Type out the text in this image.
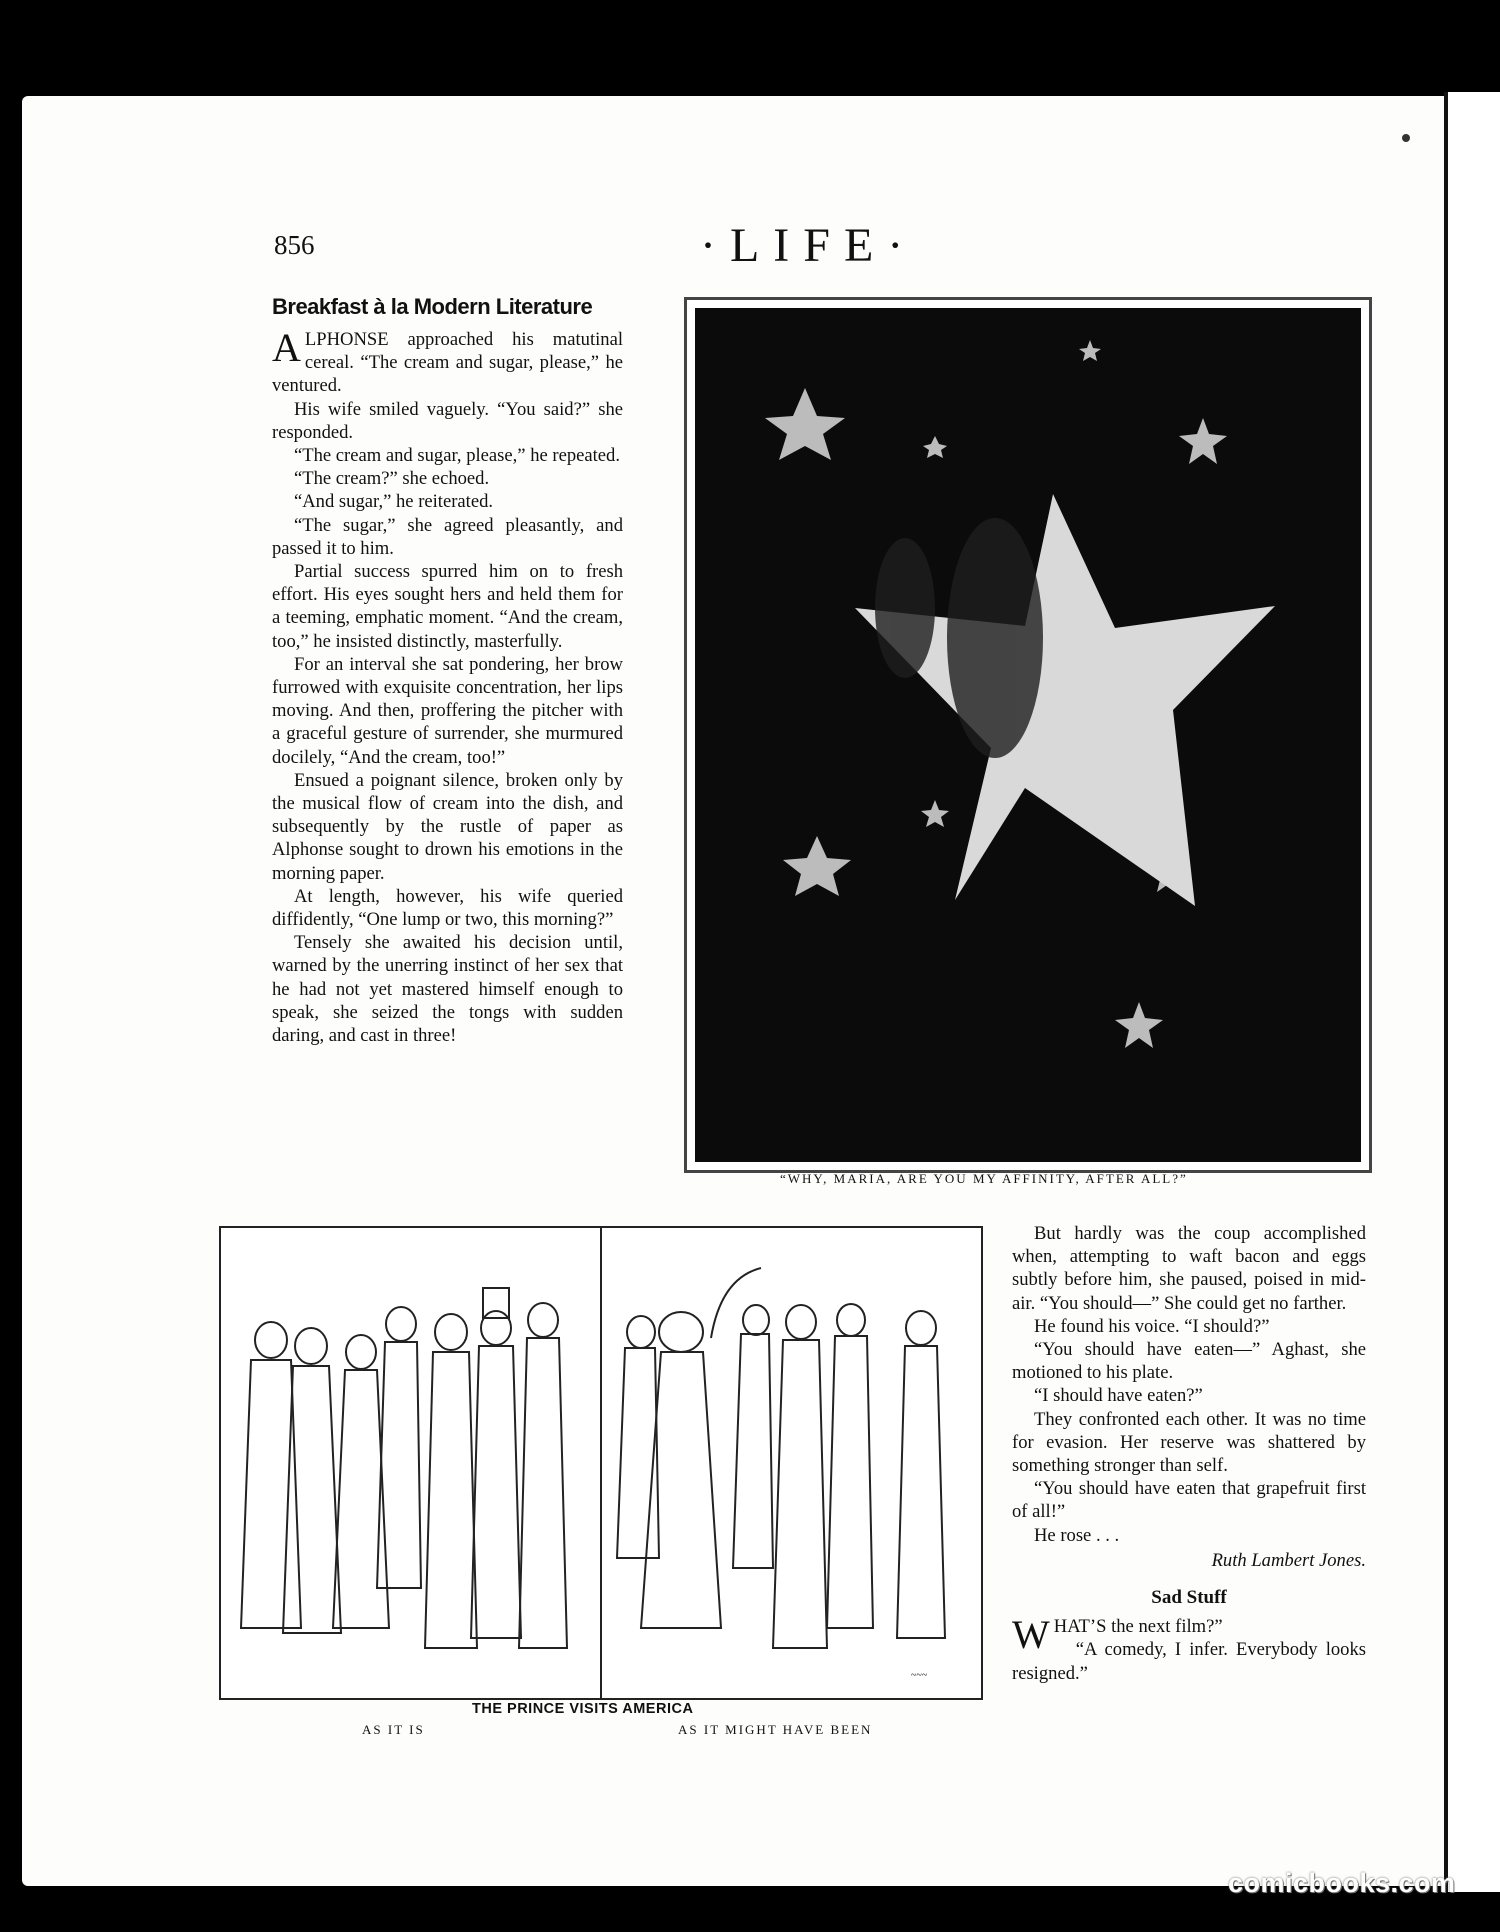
856	·LIFE·
Breakfast à la Modern Literature

ALPHONSE approached his matutinal cereal. “The cream and sugar, please,” he ventured.

His wife smiled vaguely. “You said?” she responded.

“The cream and sugar, please,” he repeated.

“The cream?” she echoed.

“And sugar,” he reiterated.

“The sugar,” she agreed pleasantly, and passed it to him.

Partial success spurred him on to fresh effort. His eyes sought hers and held them for a teeming, emphatic moment. “And the cream, too,” he insisted distinctly, masterfully.

For an interval she sat pondering, her brow furrowed with exquisite concentration, her lips moving. And then, proffering the pitcher with a graceful gesture of surrender, she murmured docilely, “And the cream, too!”

Ensued a poignant silence, broken only by the musical flow of cream into the dish, and subsequently by the rustle of paper as Alphonse sought to drown his emotions in the morning paper.

At length, however, his wife queried diffidently, “One lump or two, this morning?”

Tensely she awaited his decision until, warned by the unerring instinct of her sex that he had not yet mastered himself enough to speak, she seized the tongs with sudden daring, and cast in three!

“WHY, MARIA, ARE YOU MY AFFINITY, AFTER ALL?”
~~~
THE PRINCE VISITS AMERICA
AS IT IS	AS IT MIGHT HAVE BEEN

But hardly was the coup accomplished when, attempting to waft bacon and eggs subtly before him, she paused, poised in mid-air. “You should—” She could get no farther.

He found his voice. “I should?”

“You should have eaten—” Aghast, she motioned to his plate.

“I should have eaten?”

They confronted each other. It was no time for evasion. Her reserve was shattered by something stronger than self.

“You should have eaten that grapefruit first of all!”

He rose . . .

Ruth Lambert Jones.
Sad Stuff

WHAT’S the next film?”

“A comedy, I infer. Everybody looks resigned.”

comicbooks.com
